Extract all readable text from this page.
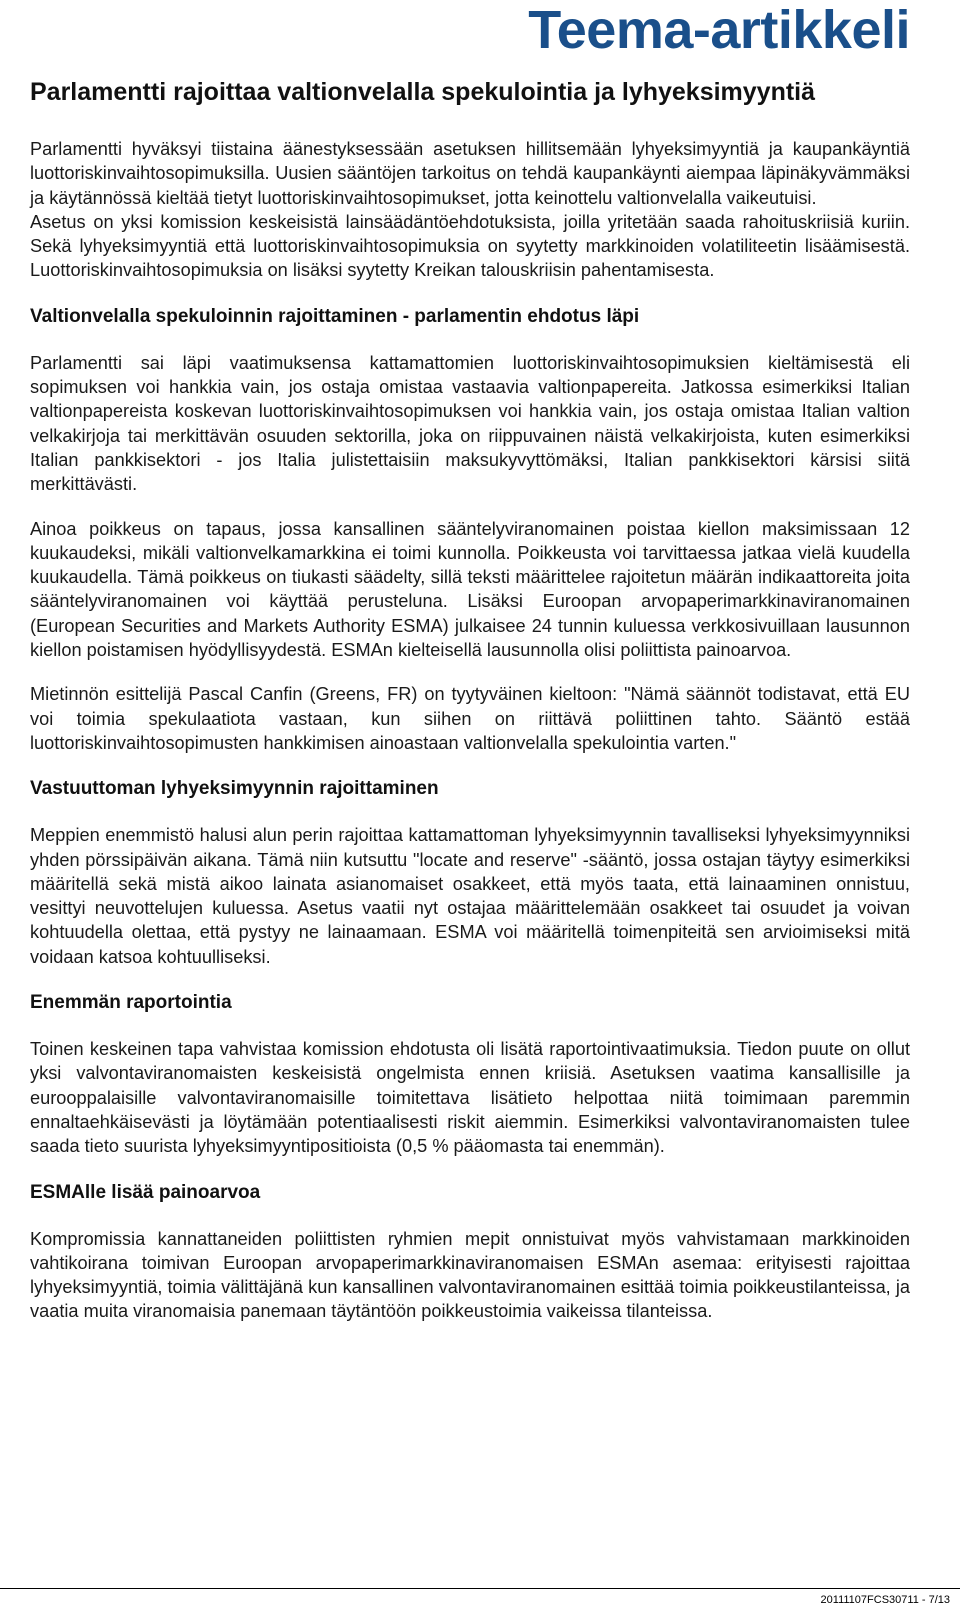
Teema-artikkeli
Parlamentti rajoittaa valtionvelalla spekulointia ja lyhyeksimyyntiä

Parlamentti hyväksyi tiistaina äänestyksessään asetuksen hillitsemään lyhyeksimyyntiä ja kaupankäyntiä luottoriskinvaihtosopimuksilla. Uusien sääntöjen tarkoitus on tehdä kaupankäynti aiempaa läpinäkyvämmäksi ja käytännössä kieltää tietyt luottoriskinvaihtosopimukset, jotta keinottelu valtionvelalla vaikeutuisi.

Asetus on yksi komission keskeisistä lainsäädäntöehdotuksista, joilla yritetään saada rahoituskriisiä kuriin. Sekä lyhyeksimyyntiä että luottoriskinvaihtosopimuksia on syytetty markkinoiden volatiliteetin lisäämisestä. Luottoriskinvaihtosopimuksia on lisäksi syytetty Kreikan talouskriisin pahentamisesta.

Valtionvelalla spekuloinnin rajoittaminen - parlamentin ehdotus läpi

Parlamentti sai läpi vaatimuksensa kattamattomien luottoriskinvaihtosopimuksien kieltämisestä eli sopimuksen voi hankkia vain, jos ostaja omistaa vastaavia valtionpapereita. Jatkossa esimerkiksi Italian valtionpapereista koskevan luottoriskinvaihtosopimuksen voi hankkia vain, jos ostaja omistaa Italian valtion velkakirjoja tai merkittävän osuuden sektorilla, joka on riippuvainen näistä velkakirjoista, kuten esimerkiksi Italian pankkisektori - jos Italia julistettaisiin maksukyvyttömäksi, Italian pankkisektori kärsisi siitä merkittävästi.

Ainoa poikkeus on tapaus, jossa kansallinen sääntelyviranomainen poistaa kiellon maksimissaan 12 kuukaudeksi, mikäli valtionvelkamarkkina ei toimi kunnolla. Poikkeusta voi tarvittaessa jatkaa vielä kuudella kuukaudella. Tämä poikkeus on tiukasti säädelty, sillä teksti määrittelee rajoitetun määrän indikaattoreita joita sääntelyviranomainen voi käyttää perusteluna. Lisäksi Euroopan arvopaperimarkkinaviranomainen (European Securities and Markets Authority ESMA) julkaisee 24 tunnin kuluessa verkkosivuillaan lausunnon kiellon poistamisen hyödyllisyydestä. ESMAn kielteisellä lausunnolla olisi poliittista painoarvoa.

Mietinnön esittelijä Pascal Canfin (Greens, FR) on tyytyväinen kieltoon: "Nämä säännöt todistavat, että EU voi toimia spekulaatiota vastaan, kun siihen on riittävä poliittinen tahto. Sääntö estää luottoriskinvaihtosopimusten hankkimisen ainoastaan valtionvelalla spekulointia varten."

Vastuuttoman lyhyeksimyynnin rajoittaminen

Meppien enemmistö halusi alun perin rajoittaa kattamattoman lyhyeksimyynnin tavalliseksi lyhyeksimyynniksi yhden pörssipäivän aikana. Tämä niin kutsuttu "locate and reserve" -sääntö, jossa ostajan täytyy esimerkiksi määritellä sekä mistä aikoo lainata asianomaiset osakkeet, että myös taata, että lainaaminen onnistuu, vesittyi neuvottelujen kuluessa. Asetus vaatii nyt ostajaa määrittelemään osakkeet tai osuudet ja voivan kohtuudella olettaa, että pystyy ne lainaamaan. ESMA voi määritellä toimenpiteitä sen arvioimiseksi mitä voidaan katsoa kohtuulliseksi.

Enemmän raportointia

Toinen keskeinen tapa vahvistaa komission ehdotusta oli lisätä raportointivaatimuksia. Tiedon puute on ollut yksi valvontaviranomaisten keskeisistä ongelmista ennen kriisiä. Asetuksen vaatima kansallisille ja eurooppalaisille valvontaviranomaisille toimitettava lisätieto helpottaa niitä toimimaan paremmin ennaltaehkäisevästi ja löytämään potentiaalisesti riskit aiemmin. Esimerkiksi valvontaviranomaisten tulee saada tieto suurista lyhyeksimyyntipositioista (0,5 % pääomasta tai enemmän).

ESMAlle lisää painoarvoa

Kompromissia kannattaneiden poliittisten ryhmien mepit onnistuivat myös vahvistamaan markkinoiden vahtikoirana toimivan Euroopan arvopaperimarkkinaviranomaisen ESMAn asemaa: erityisesti rajoittaa lyhyeksimyyntiä, toimia välittäjänä kun kansallinen valvontaviranomainen esittää toimia poikkeustilanteissa, ja vaatia muita viranomaisia panemaan täytäntöön poikkeustoimia vaikeissa tilanteissa.

20111107FCS30711 - 7/13
